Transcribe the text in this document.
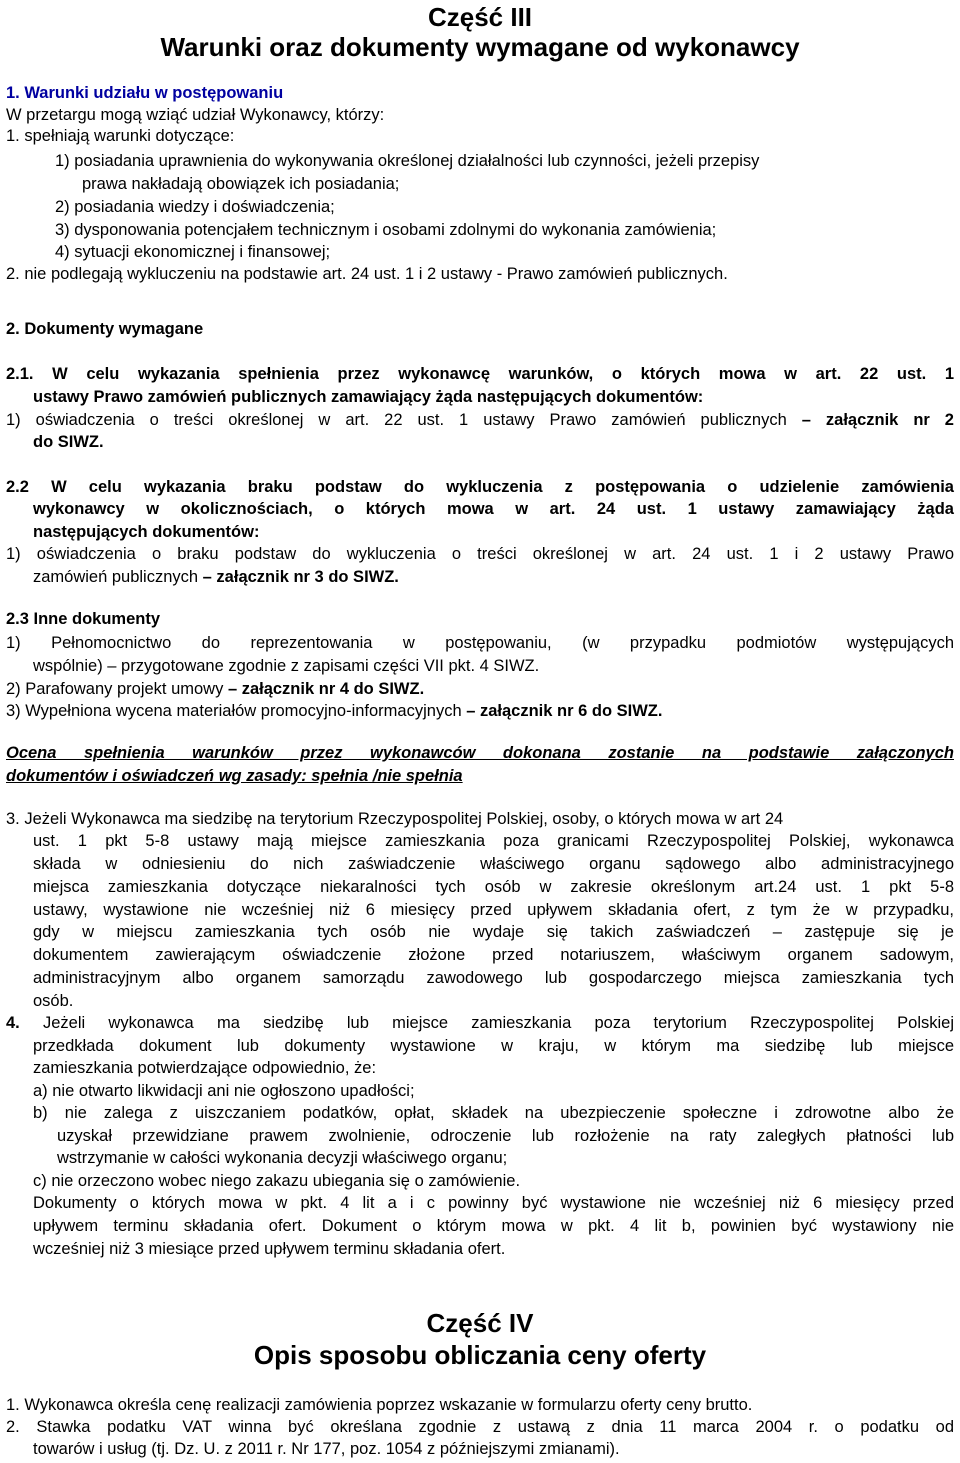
Część III
Warunki oraz dokumenty wymagane od wykonawcy
1. Warunki udziału w postępowaniu
W przetargu mogą wziąć udział Wykonawcy, którzy:
1. spełniają warunki dotyczące:
1) posiadania uprawnienia do wykonywania określonej działalności lub czynności, jeżeli przepisy
prawa nakładają obowiązek ich posiadania;
2) posiadania wiedzy i doświadczenia;
3) dysponowania potencjałem technicznym i osobami zdolnymi do wykonania zamówienia;
4) sytuacji ekonomicznej i finansowej;
2. nie podlegają wykluczeniu na podstawie art. 24 ust. 1 i 2 ustawy - Prawo zamówień publicznych.
2. Dokumenty wymagane
2.1. W celu wykazania spełnienia przez wykonawcę warunków, o których mowa w art. 22 ust. 1
ustawy Prawo zamówień publicznych zamawiający żąda następujących dokumentów:
1) oświadczenia o treści określonej w art. 22 ust. 1 ustawy Prawo zamówień publicznych – załącznik nr 2
do SIWZ.
2.2 W celu wykazania braku podstaw do wykluczenia z postępowania o udzielenie zamówienia
wykonawcy w okolicznościach, o których mowa w art. 24 ust. 1 ustawy zamawiający żąda
następujących dokumentów:
1) oświadczenia o braku podstaw do wykluczenia o treści określonej w art. 24 ust. 1 i 2 ustawy Prawo
zamówień publicznych – załącznik nr 3 do SIWZ.
2.3 Inne dokumenty
1) Pełnomocnictwo do reprezentowania w postępowaniu, (w przypadku podmiotów występujących
wspólnie) – przygotowane zgodnie z zapisami części VII pkt. 4 SIWZ.
2) Parafowany projekt umowy – załącznik nr 4 do SIWZ.
3) Wypełniona wycena materiałów promocyjno-informacyjnych – załącznik nr 6 do SIWZ.
Ocena spełnienia warunków przez wykonawców dokonana zostanie na podstawie załączonych
dokumentów i oświadczeń wg zasady: spełnia /nie spełnia
3. Jeżeli Wykonawca ma siedzibę na terytorium Rzeczypospolitej Polskiej, osoby, o których mowa w art 24
ust. 1 pkt 5-8 ustawy mają miejsce zamieszkania poza granicami Rzeczypospolitej Polskiej, wykonawca
składa w odniesieniu do nich zaświadczenie właściwego organu sądowego albo administracyjnego
miejsca zamieszkania dotyczące niekaralności tych osób w zakresie określonym art.24 ust. 1 pkt 5-8
ustawy, wystawione nie wcześniej niż 6 miesięcy przed upływem składania ofert, z tym że w przypadku,
gdy w miejscu zamieszkania tych osób nie wydaje się takich zaświadczeń – zastępuje się je
dokumentem zawierającym oświadczenie złożone przed notariuszem, właściwym organem sadowym,
administracyjnym albo organem samorządu zawodowego lub gospodarczego miejsca zamieszkania tych
osób.
4. Jeżeli wykonawca ma siedzibę lub miejsce zamieszkania poza terytorium Rzeczypospolitej Polskiej
przedkłada dokument lub dokumenty wystawione w kraju, w którym ma siedzibę lub miejsce
zamieszkania potwierdzające odpowiednio, że:
a) nie otwarto likwidacji ani nie ogłoszono upadłości;
b) nie zalega z uiszczaniem podatków, opłat, składek na ubezpieczenie społeczne i zdrowotne albo że
uzyskał przewidziane prawem zwolnienie, odroczenie lub rozłożenie na raty zaległych płatności lub
wstrzymanie w całości wykonania decyzji właściwego organu;
c) nie orzeczono wobec niego zakazu ubiegania się o zamówienie.
Dokumenty o których mowa w pkt. 4 lit a i c powinny być wystawione nie wcześniej niż 6 miesięcy przed
upływem terminu składania ofert. Dokument o którym mowa w pkt. 4 lit b, powinien być wystawiony nie
wcześniej niż 3 miesiące przed upływem terminu składania ofert.
Część IV
Opis sposobu obliczania ceny oferty
1. Wykonawca określa cenę realizacji zamówienia poprzez wskazanie w formularzu oferty ceny brutto.
2. Stawka podatku VAT winna być określana zgodnie z ustawą z dnia 11 marca 2004 r. o podatku od
towarów i usług (tj. Dz. U. z 2011 r. Nr 177, poz. 1054 z późniejszymi zmianami).
